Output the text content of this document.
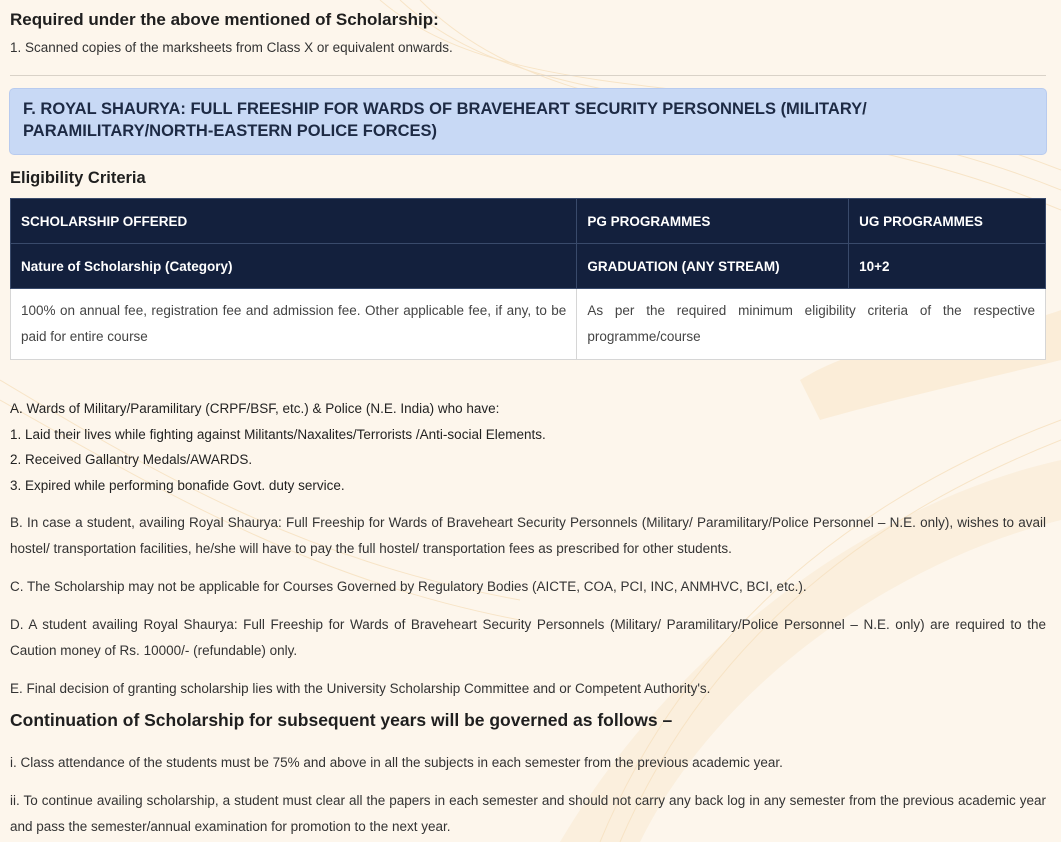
Required under the above mentioned of Scholarship:
1. Scanned copies of the marksheets from Class X or equivalent onwards.
F. ROYAL SHAURYA: FULL FREESHIP FOR WARDS OF BRAVEHEART SECURITY PERSONNELS (MILITARY/
PARAMILITARY/NORTH-EASTERN POLICE FORCES)
Eligibility Criteria
SCHOLARSHIP OFFERED	PG PROGRAMMES	UG PROGRAMMES
Nature of Scholarship (Category)	GRADUATION (ANY STREAM)	10+2
100% on annual fee, registration fee and admission fee. Other applicable fee, if any, to be paid for entire course	As per the required minimum eligibility criteria of the respective programme/course	
A. Wards of Military/Paramilitary (CRPF/BSF, etc.) & Police (N.E. India) who have:
1. Laid their lives while fighting against Militants/Naxalites/Terrorists /Anti-social Elements.
2. Received Gallantry Medals/AWARDS.
3. Expired while performing bonafide Govt. duty service.
B. In case a student, availing Royal Shaurya: Full Freeship for Wards of Braveheart Security Personnels (Military/ Paramilitary/Police Personnel – N.E. only), wishes to avail hostel/ transportation facilities, he/she will have to pay the full hostel/ transportation fees as prescribed for other students.
C. The Scholarship may not be applicable for Courses Governed by Regulatory Bodies (AICTE, COA, PCI, INC, ANMHVC, BCI, etc.).
D. A student availing Royal Shaurya: Full Freeship for Wards of Braveheart Security Personnels (Military/ Paramilitary/Police Personnel – N.E. only) are required to the Caution money of Rs. 10000/- (refundable) only.
E. Final decision of granting scholarship lies with the University Scholarship Committee and or Competent Authority's.
Continuation of Scholarship for subsequent years will be governed as follows –
i. Class attendance of the students must be 75% and above in all the subjects in each semester from the previous academic year.
ii. To continue availing scholarship, a student must clear all the papers in each semester and should not carry any back log in any semester from the previous academic year and pass the semester/annual examination for promotion to the next year.
